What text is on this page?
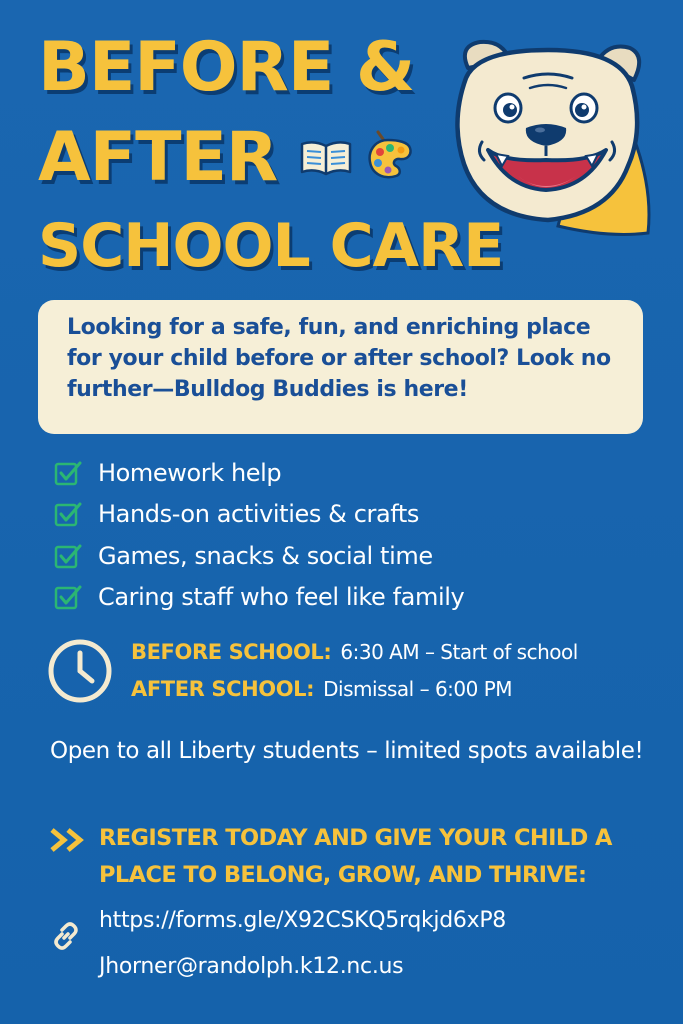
BEFORE &
AFTER
SCHOOL CARE

Looking for a safe, fun, and enriching place for your child before or after school? Look no further—Bulldog Buddies is here!

Homework help
Hands-on activities & crafts
Games, snacks & social time
Caring staff who feel like family
BEFORE SCHOOL: 6:30 AM – Start of school
AFTER SCHOOL: Dismissal – 6:00 PM

Open to all Liberty students – limited spots available!

REGISTER TODAY AND GIVE YOUR CHILD A PLACE TO BELONG, GROW, AND THRIVE:

https://forms.gle/X92CSKQ5rqkjd6xP8
Jhorner@randolph.k12.nc.us
